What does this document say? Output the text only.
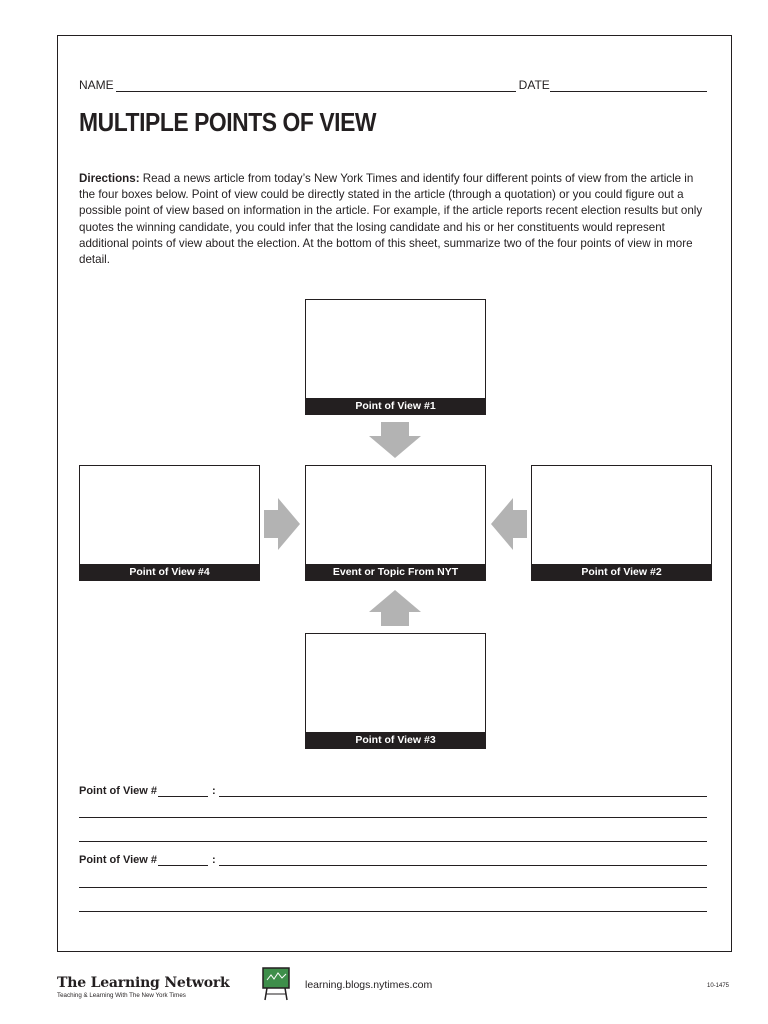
NAME	DATE
MULTIPLE POINTS OF VIEW
Directions: Read a news article from today’s New York Times and identify four different points of view from the article in the four boxes below. Point of view could be directly stated in the article (through a quotation) or you could figure out a possible point of view based on information in the article. For example, if the article reports recent election results but only quotes the winning candidate, you could infer that the losing candidate and his or her constituents would represent additional points of view about the election. At the bottom of this sheet, summarize two of the four points of view in more detail.
Point of View #1
Point of View #4	Event or Topic From NYT	Point of View #2
Point of View #3
Point of View #	:
Point of View #	:
The Learning Network
Teaching & Learning With The New York Times
learning.blogs.nytimes.com	10-1475
